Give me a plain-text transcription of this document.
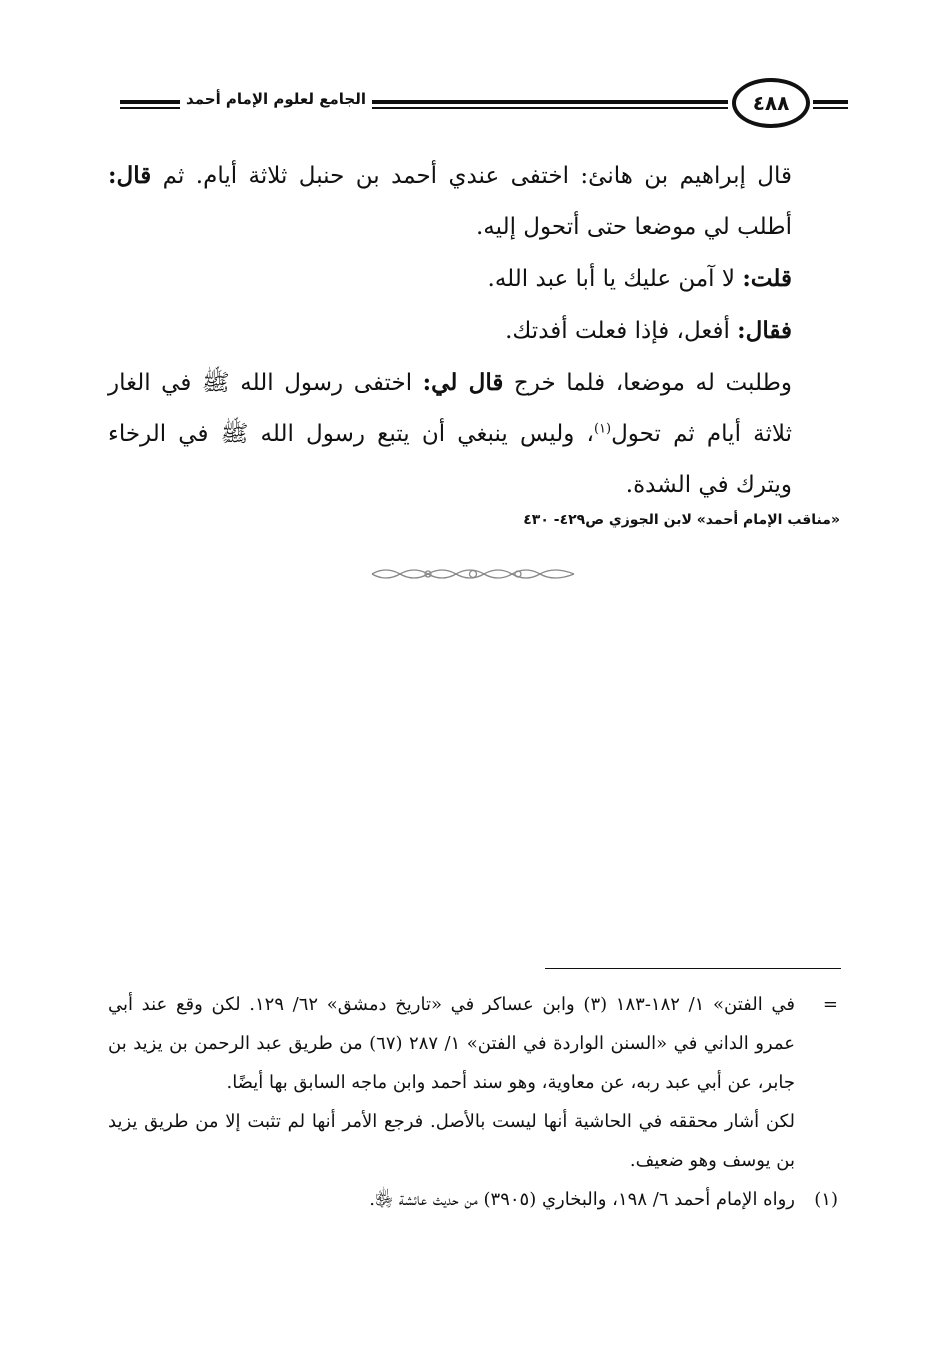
الجامع لعلوم الإمام أحمد	٤٨٨

قال إبراهيم بن هانئ: اختفى عندي أحمد بن حنبل ثلاثة أيام. ثم قال: أطلب لي موضعا حتى أتحول إليه.

قلت: لا آمن عليك يا أبا عبد الله.

فقال: أفعل، فإذا فعلت أفدتك.

وطلبت له موضعا، فلما خرج قال لي: اختفى رسول الله ﷺ في الغار ثلاثة أيام ثم تحول$^{(١)}$، وليس ينبغي أن يتبع رسول الله ﷺ في الرخاء ويترك في الشدة.

«مناقب الإمام أحمد» لابن الجوزي ص٤٢٩- ٤٣٠
=

في الفتن» ١/ ١٨٢-١٨٣ (٣) وابن عساكر في «تاريخ دمشق» ٦٢/ ١٢٩. لكن وقع عند أبي عمرو الداني في «السنن الواردة في الفتن» ١/ ٢٨٧ (٦٧) من طريق عبد الرحمن بن يزيد بن جابر، عن أبي عبد ربه، عن معاوية، وهو سند أحمد وابن ماجه السابق بها أيضًا.

لكن أشار محققه في الحاشية أنها ليست بالأصل. فرجع الأمر أنها لم تثبت إلا من طريق يزيد بن يوسف وهو ضعيف.

(١)

رواه الإمام أحمد ٦/ ١٩٨، والبخاري (٣٩٠٥) من حديث عائشة ﵂.
